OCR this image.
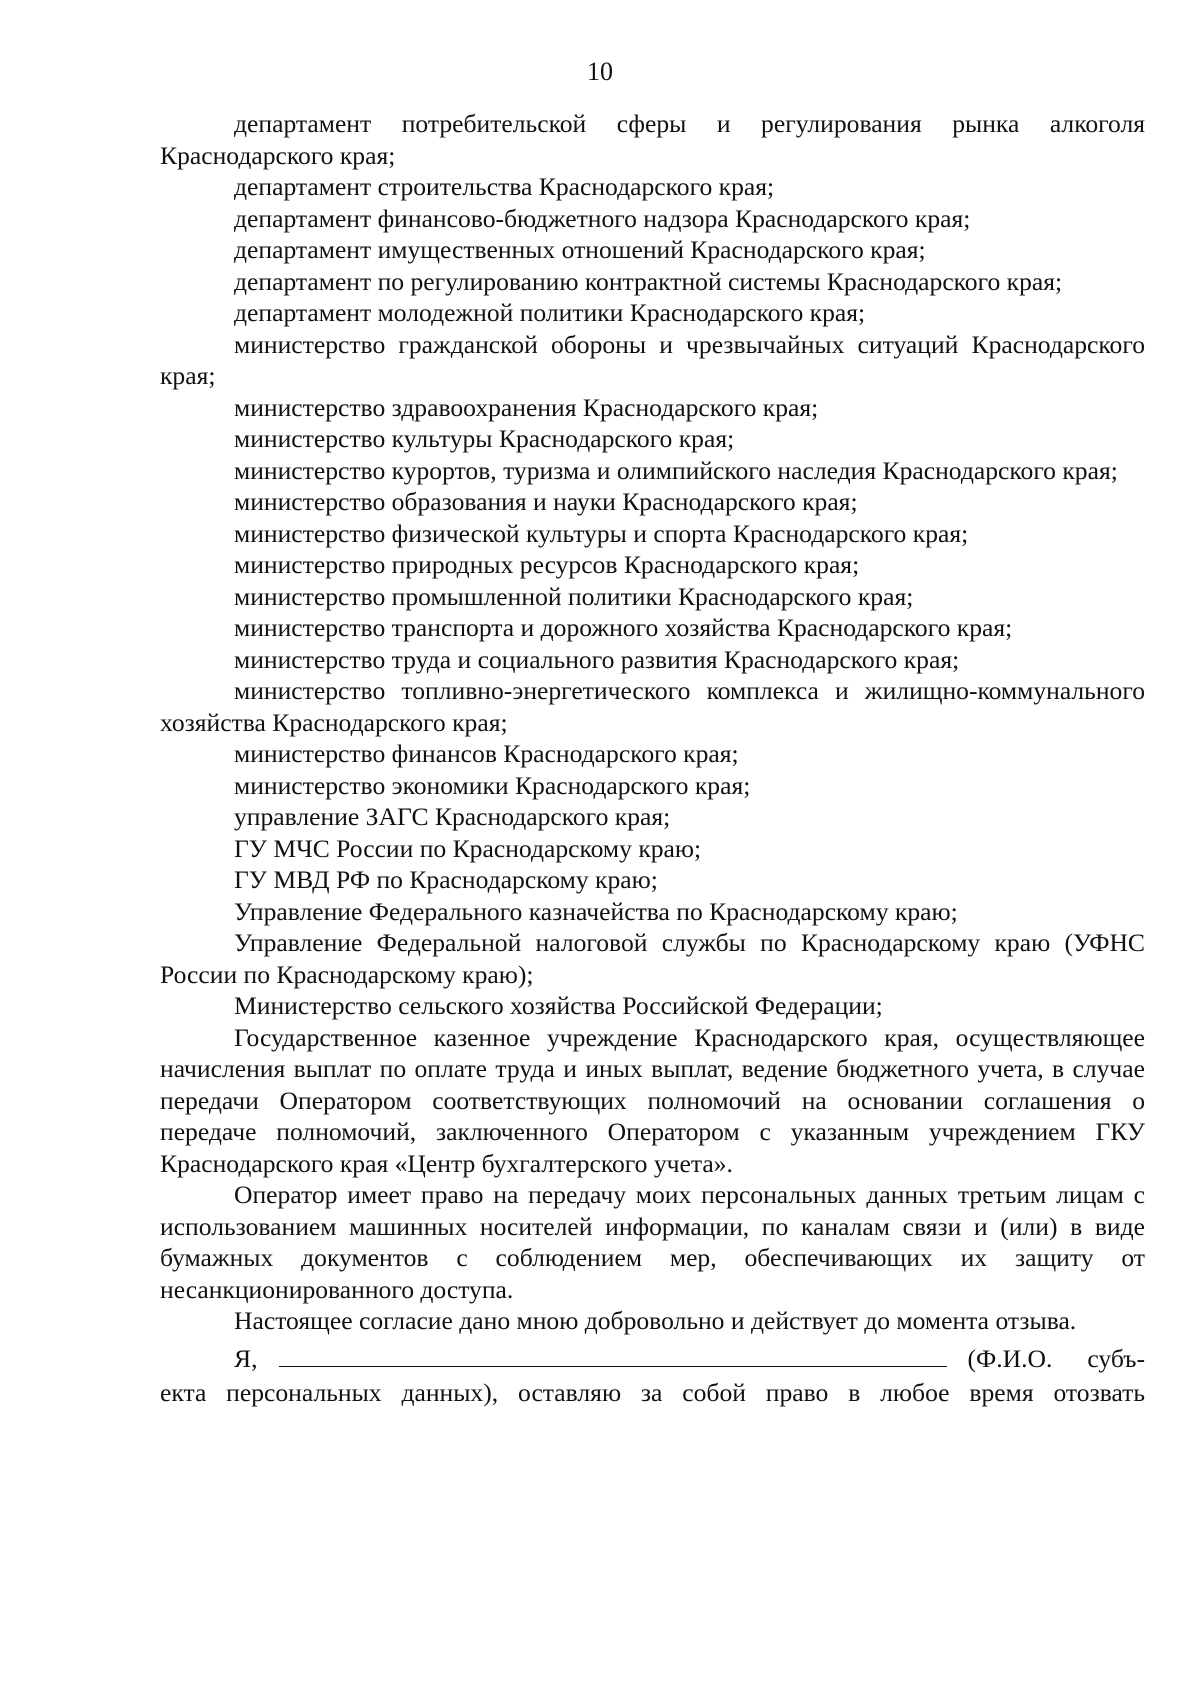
10

департамент потребительской сферы и регулирования рынка алкоголя Краснодарского края;

департамент строительства Краснодарского края;

департамент финансово-бюджетного надзора Краснодарского края;

департамент имущественных отношений Краснодарского края;

департамент по регулированию контрактной системы Краснодарского края;

департамент молодежной политики Краснодарского края;

министерство гражданской обороны и чрезвычайных ситуаций Краснодарского края;

министерство здравоохранения Краснодарского края;

министерство культуры Краснодарского края;

министерство курортов, туризма и олимпийского наследия Краснодарского края;

министерство образования и науки Краснодарского края;

министерство физической культуры и спорта Краснодарского края;

министерство природных ресурсов Краснодарского края;

министерство промышленной политики Краснодарского края;

министерство транспорта и дорожного хозяйства Краснодарского края;

министерство труда и социального развития Краснодарского края;

министерство топливно-энергетического комплекса и жилищно-коммунального хозяйства Краснодарского края;

министерство финансов Краснодарского края;

министерство экономики Краснодарского края;

управление ЗАГС Краснодарского края;

ГУ МЧС России по Краснодарскому краю;

ГУ МВД РФ по Краснодарскому краю;

Управление Федерального казначейства по Краснодарскому краю;

Управление Федеральной налоговой службы по Краснодарскому краю (УФНС России по Краснодарскому краю);

Министерство сельского хозяйства Российской Федерации;

Государственное казенное учреждение Краснодарского края, осуществляющее начисления выплат по оплате труда и иных выплат, ведение бюджетного учета, в случае передачи Оператором соответствующих полномочий на основании соглашения о передаче полномочий, заключенного Оператором с указанным учреждением ГКУ Краснодарского края «Центр бухгалтерского учета».

Оператор имеет право на передачу моих персональных данных третьим лицам с использованием машинных носителей информации, по каналам связи и (или) в виде бумажных документов с соблюдением мер, обеспечивающих их защиту от несанкционированного доступа.

Настоящее согласие дано мною добровольно и действует до момента отзыва.

Я,	(Ф.И.О. субъ-

екта персональных данных), оставляю за собой право в любое время отозвать
